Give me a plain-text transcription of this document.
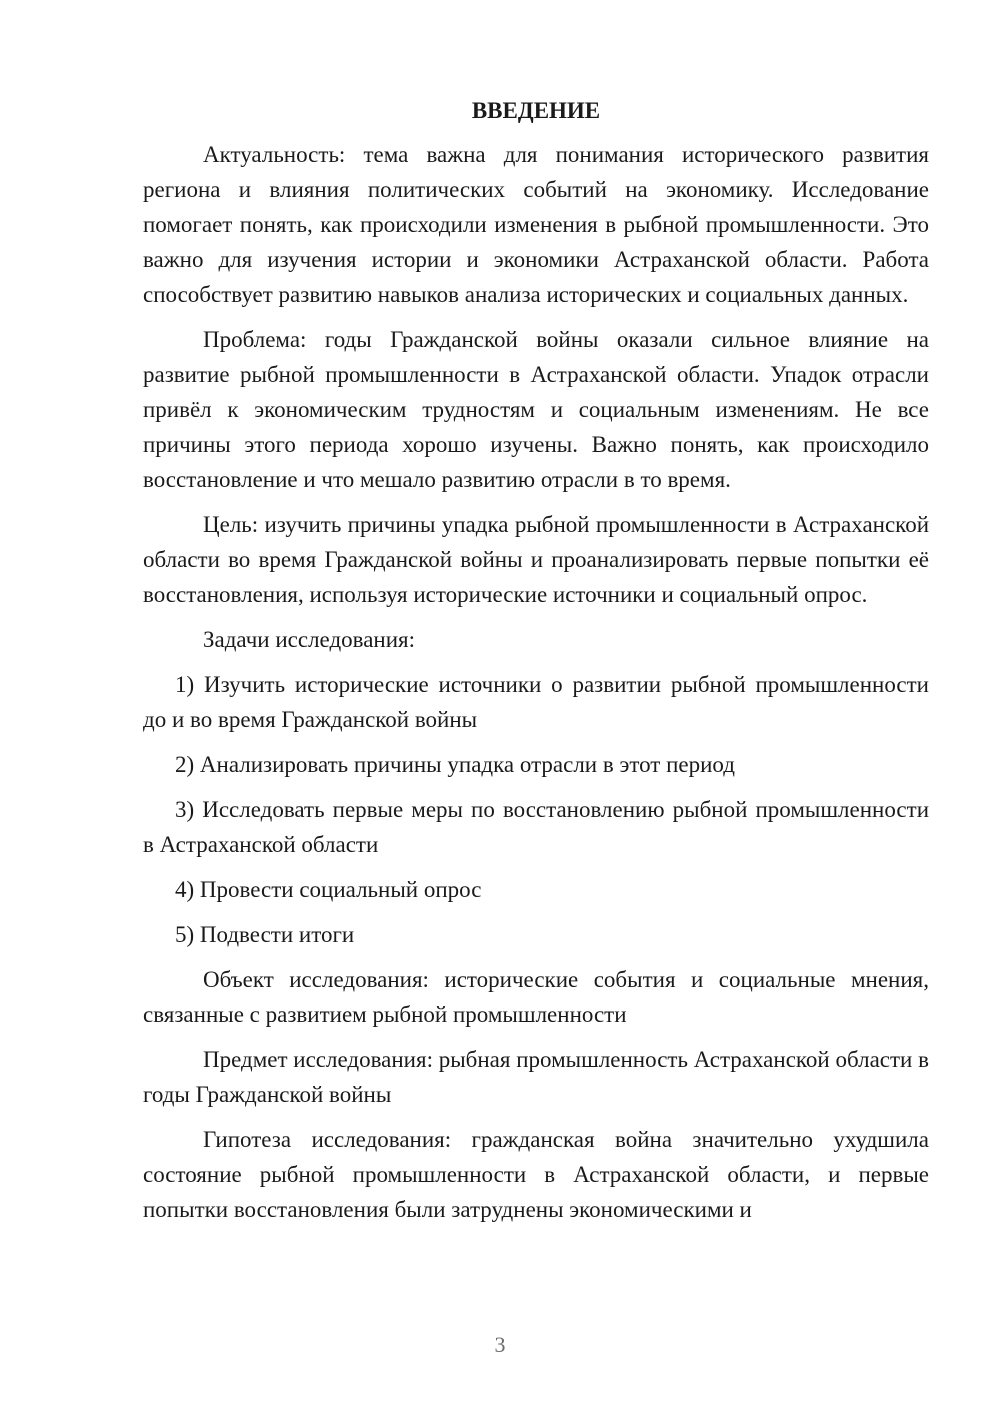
ВВЕДЕНИЕ

Актуальность: тема важна для понимания исторического развития региона и влияния политических событий на экономику. Исследование помогает понять, как происходили изменения в рыбной промышленности. Это важно для изучения истории и экономики Астраханской области. Работа способствует развитию навыков анализа исторических и социальных данных.

Проблема: годы Гражданской войны оказали сильное влияние на развитие рыбной промышленности в Астраханской области. Упадок отрасли привёл к экономическим трудностям и социальным изменениям. Не все причины этого периода хорошо изучены. Важно понять, как происходило восстановление и что мешало развитию отрасли в то время.

Цель: изучить причины упадка рыбной промышленности в Астраханской области во время Гражданской войны и проанализировать первые попытки её восстановления, используя исторические источники и социальный опрос.

Задачи исследования:

1) Изучить исторические источники о развитии рыбной промышленности до и во время Гражданской войны

2) Анализировать причины упадка отрасли в этот период

3) Исследовать первые меры по восстановлению рыбной промышленности в Астраханской области

4) Провести социальный опрос

5) Подвести итоги

Объект исследования: исторические события и социальные мнения, связанные с развитием рыбной промышленности

Предмет исследования: рыбная промышленность Астраханской области в годы Гражданской войны

Гипотеза исследования: гражданская война значительно ухудшила состояние рыбной промышленности в Астраханской области, и первые попытки восстановления были затруднены экономическими и

3
